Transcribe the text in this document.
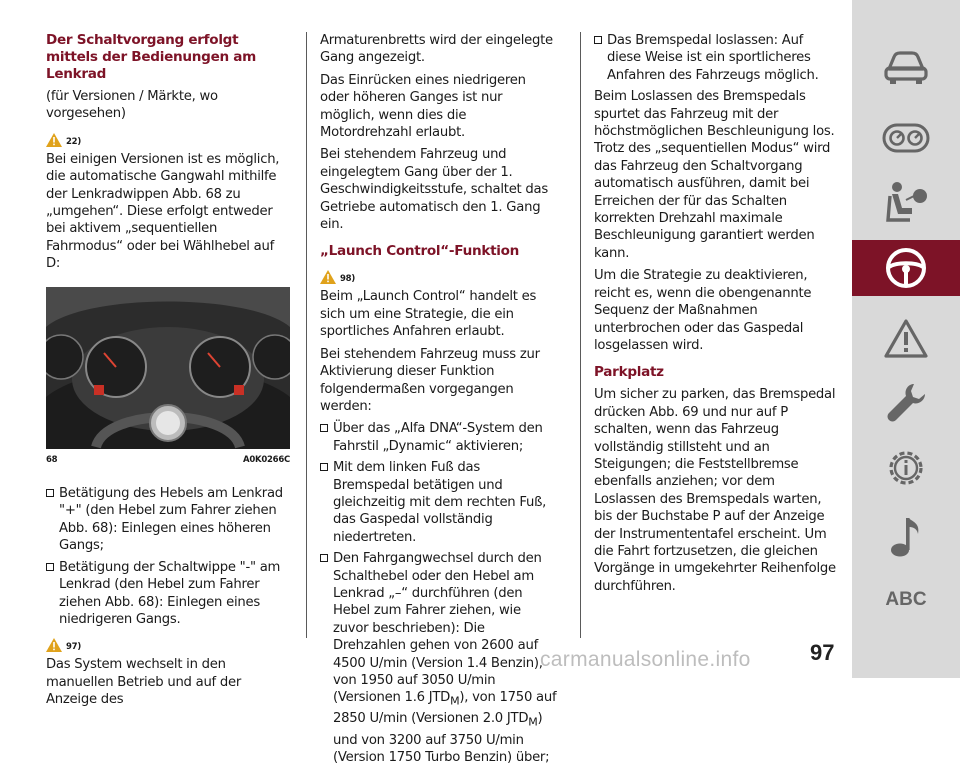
Der Schaltvorgang erfolgt mittels der Bedienungen am Lenkrad

(für Versionen / Märkte, wo vorgesehen)

22)

Bei einigen Versionen ist es möglich, die automatische Gangwahl mithilfe der Lenkradwippen Abb. 68 zu „umgehen“. Diese erfolgt entweder bei aktivem „sequentiellen Fahrmodus“ oder bei Wählhebel auf D:

68	A0K0266C
Betätigung des Hebels am Lenkrad "+" (den Hebel zum Fahrer ziehen Abb. 68): Einlegen eines höheren Gangs;
Betätigung der Schaltwippe "-" am Lenkrad (den Hebel zum Fahrer ziehen Abb. 68): Einlegen eines niedrigeren Gangs.
97)

Das System wechselt in den manuellen Betrieb und auf der Anzeige des

Armaturenbretts wird der eingelegte Gang angezeigt.

Das Einrücken eines niedrigeren oder höheren Ganges ist nur möglich, wenn dies die Motordrehzahl erlaubt.

Bei stehendem Fahrzeug und eingelegtem Gang über der 1. Geschwindigkeitsstufe, schaltet das Getriebe automatisch den 1. Gang ein.

„Launch Control“-Funktion

98)

Beim „Launch Control“ handelt es sich um eine Strategie, die ein sportliches Anfahren erlaubt.

Bei stehendem Fahrzeug muss zur Aktivierung dieser Funktion folgendermaßen vorgegangen werden:

Über das „Alfa DNA“-System den Fahrstil „Dynamic“ aktivieren;
Mit dem linken Fuß das Bremspedal betätigen und gleichzeitig mit dem rechten Fuß, das Gaspedal vollständig niedertreten.
Den Fahrgangwechsel durch den Schalthebel oder den Hebel am Lenkrad „–“ durchführen (den Hebel zum Fahrer ziehen, wie zuvor beschrieben): Die Drehzahlen gehen von 2600 auf 4500 U/min (Version 1.4 Benzin), von 1950 auf 3050 U/min (Versionen 1.6 $JTD_M$), von 1750 auf 2850 U/min (Versionen 2.0 $JTD_M$) und von 3200 auf 3750 U/min (Version 1750 Turbo Benzin) über;
Das Bremspedal loslassen: Auf diese Weise ist ein sportlicheres Anfahren des Fahrzeugs möglich.

Beim Loslassen des Bremspedals spurtet das Fahrzeug mit der höchstmöglichen Beschleunigung los. Trotz des „sequentiellen Modus“ wird das Fahrzeug den Schaltvorgang automatisch ausführen, damit bei Erreichen der für das Schalten korrekten Drehzahl maximale Beschleunigung garantiert werden kann.

Um die Strategie zu deaktivieren, reicht es, wenn die obengenannte Sequenz der Maßnahmen unterbrochen oder das Gaspedal losgelassen wird.

Parkplatz

Um sicher zu parken, das Bremspedal drücken Abb. 69 und nur auf P schalten, wenn das Fahrzeug vollständig stillsteht und an Steigungen; die Feststellbremse ebenfalls anziehen; vor dem Loslassen des Bremspedals warten, bis der Buchstabe P auf der Anzeige der Instrumententafel erscheint. Um die Fahrt fortzusetzen, die gleichen Vorgänge in umgekehrter Reihenfolge durchführen.

ABC
carmanualsonline.info	97
